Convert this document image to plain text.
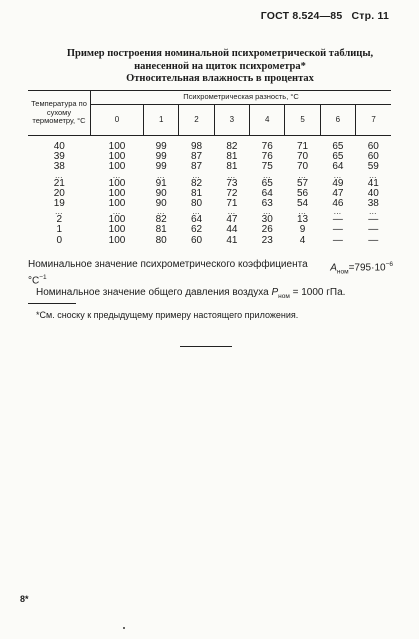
ГОСТ 8.524—85 Стр. 11
Пример построения номинальной психрометрической таблицы,
нанесенной на щиток психрометра*
Относительная влажность в процентах
Температура по сухому термометру, °С	Психрометрическая разность, °С							
	0	1	2	3	4	5	6	7
40	100	99	98	82	76	71	65	60
39	100	99	87	81	76	70	65	60
38	100	99	87	81	75	70	64	59
…	…	…	…	…	…	…	…	…
21	100	91	82	73	65	57	49	41
20	100	90	81	72	64	56	47	40
19	100	90	80	71	63	54	46	38
…	…	…	…	…	…	…	…	…
2	100	82	64	47	30	13	—	—
1	100	81	62	44	26	9	—	—
0	100	80	60	41	23	4	—	—
Номинальное значение психрометрического коэффициента $A_{ном}=795\cdot 10^{-6}$
$^\circ С^{-1}$
Номинальное значение общего давления воздуха $P_{ном} = 1000$ гПа.
*См. сноску к предыдущему примеру настоящего приложения.
8*
